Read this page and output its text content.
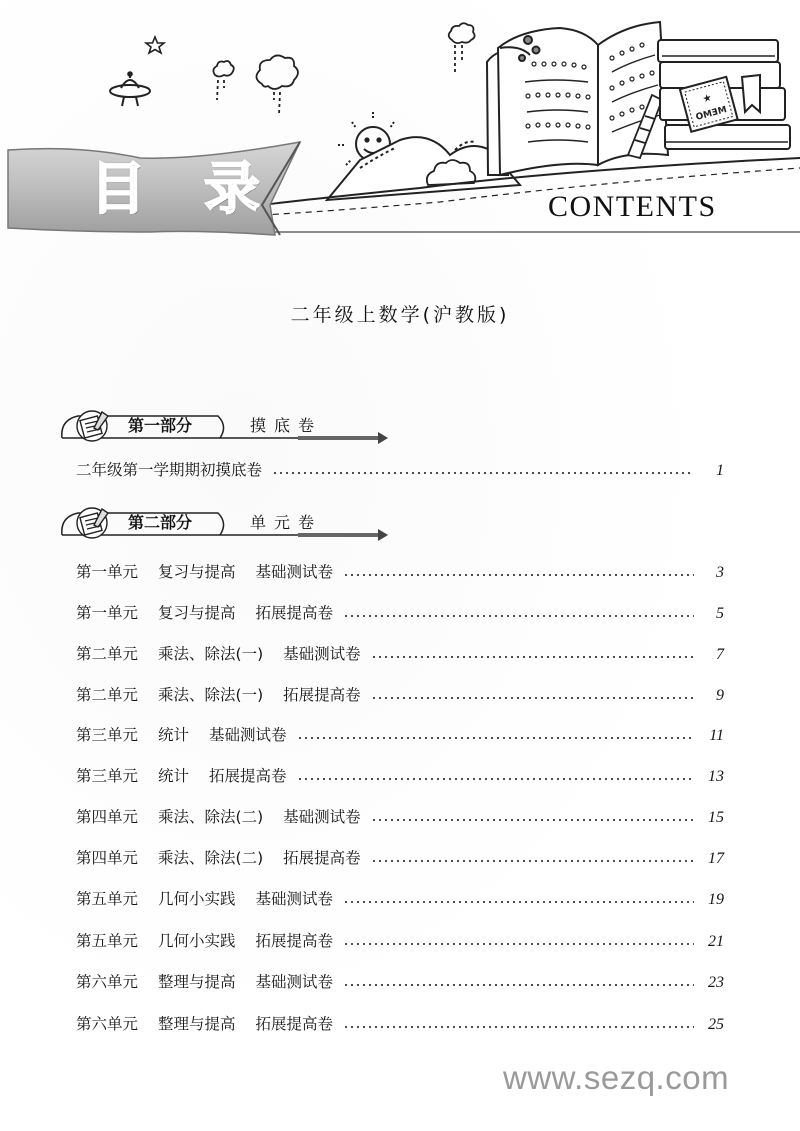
★
MEMO
目 录	CONTENTS
二年级上数学(沪教版)
第一部分	摸底卷
二年级第一学期期初摸底卷	1
第二部分	单元卷
第一单元 复习与提高 基础测试卷	3
第一单元 复习与提高 拓展提高卷	5
第二单元 乘法、除法(一) 基础测试卷	7
第二单元 乘法、除法(一) 拓展提高卷	9
第三单元 统计 基础测试卷	11
第三单元 统计 拓展提高卷	13
第四单元 乘法、除法(二) 基础测试卷	15
第四单元 乘法、除法(二) 拓展提高卷	17
第五单元 几何小实践 基础测试卷	19
第五单元 几何小实践 拓展提高卷	21
第六单元 整理与提高 基础测试卷	23
第六单元 整理与提高 拓展提高卷	25
www.sezq.com
